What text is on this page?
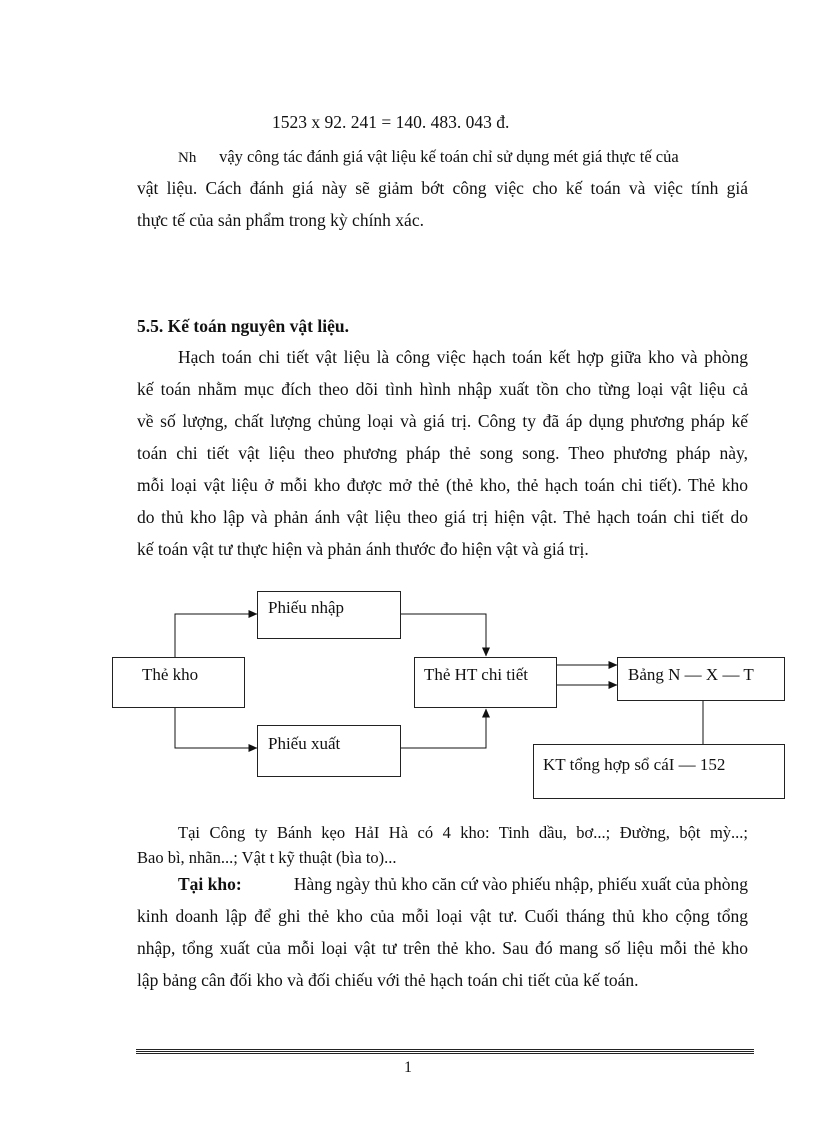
1523 x 92. 241 = 140. 483. 043 đ.
Nh vậy công tác đánh giá vật liệu kế toán chỉ sử dụng mét giá thực tế của
vật liệu. Cách đánh giá này sẽ giảm bớt công việc cho kế toán và việc tính giá
thực tế của sản phẩm trong kỳ chính xác.
5.5. Kế toán nguyên vật liệu.
Hạch toán chi tiết vật liệu là công việc hạch toán kết hợp giữa kho và phòng
kế toán nhằm mục đích theo dõi tình hình nhập xuất tồn cho từng loại vật liệu cả
về số lượng, chất lượng chủng loại và giá trị. Công ty đã áp dụng phương pháp kế
toán chi tiết vật liệu theo phương pháp thẻ song song. Theo phương pháp này,
mỗi loại vật liệu ở mỗi kho được mở thẻ (thẻ kho, thẻ hạch toán chi tiết). Thẻ kho
do thủ kho lập và phản ánh vật liệu theo giá trị hiện vật. Thẻ hạch toán chi tiết do
kế toán vật tư thực hiện và phản ánh thước đo hiện vật và giá trị.
Phiếu nhập
Thẻ kho	Thẻ HT chi tiết	Bảng N — X — T
Phiếu xuất
KT tổng hợp sổ cáI — 152
Tại Công ty Bánh kẹo HảI Hà có 4 kho: Tinh dầu, bơ...; Đường, bột mỳ...;
Bao bì, nhãn...; Vật t kỹ thuật (bìa to)...
Tại kho:	Hàng ngày thủ kho căn cứ vào phiếu nhập, phiếu xuất của phòng
kinh doanh lập để ghi thẻ kho của mỗi loại vật tư. Cuối tháng thủ kho cộng tổng
nhập, tổng xuất của mỗi loại vật tư trên thẻ kho. Sau đó mang số liệu mỗi thẻ kho
lập bảng cân đối kho và đối chiếu với thẻ hạch toán chi tiết của kế toán.
1
